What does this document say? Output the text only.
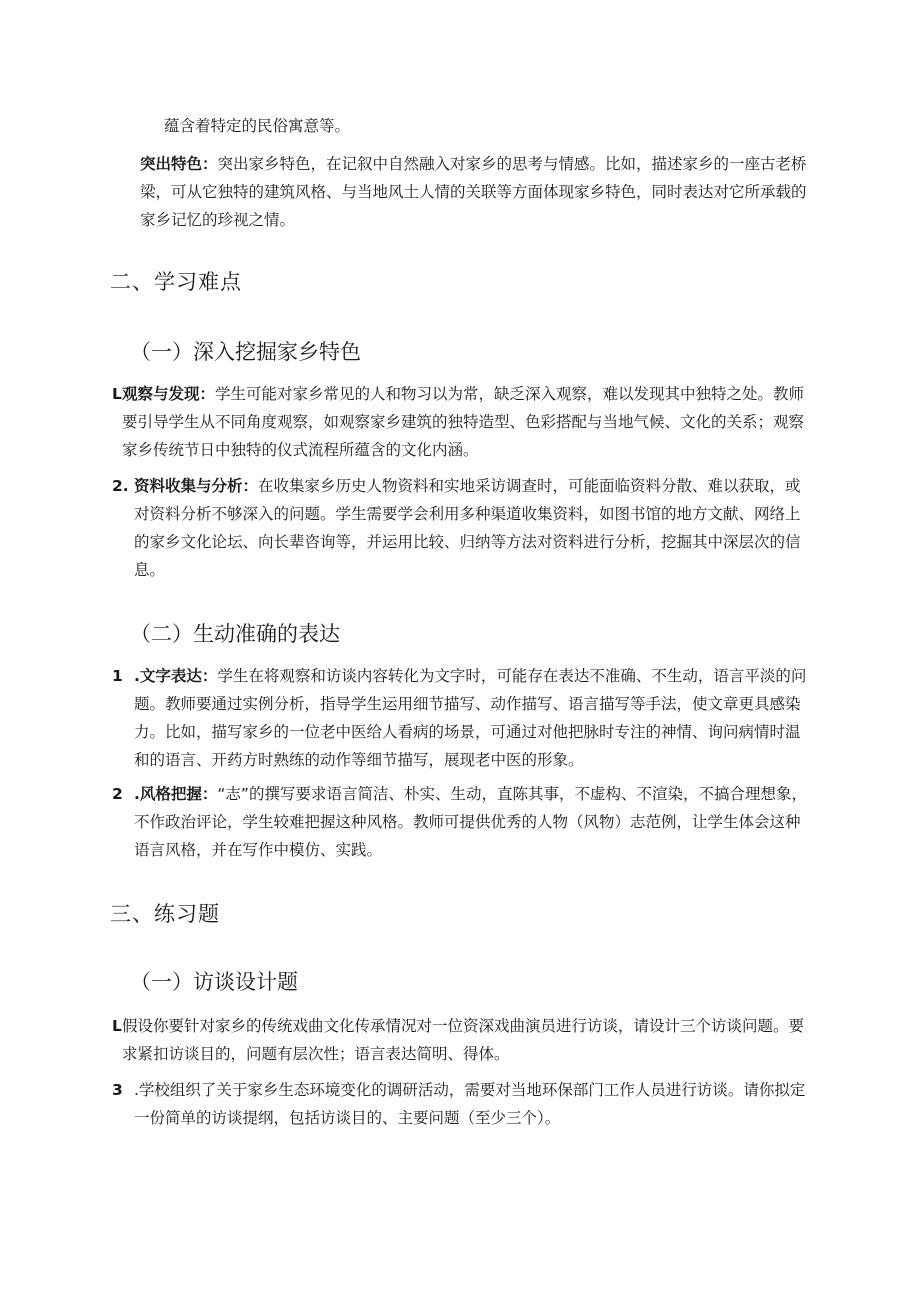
蕴含着特定的民俗寓意等。

突出特色：突出家乡特色，在记叙中自然融入对家乡的思考与情感。比如，描述家乡的一座古老桥梁，可从它独特的建筑风格、与当地风土人情的关联等方面体现家乡特色，同时表达对它所承载的家乡记忆的珍视之情。

二、学习难点
（一）深入挖掘家乡特色
L 观察与发现：学生可能对家乡常见的人和物习以为常，缺乏深入观察，难以发现其中独特之处。教师要引导学生从不同角度观察，如观察家乡建筑的独特造型、色彩搭配与当地气候、文化的关系；观察家乡传统节日中独特的仪式流程所蕴含的文化内涵。
2. 资料收集与分析：在收集家乡历史人物资料和实地采访调查时，可能面临资料分散、难以获取，或对资料分析不够深入的问题。学生需要学会利用多种渠道收集资料，如图书馆的地方文献、网络上的家乡文化论坛、向长辈咨询等，并运用比较、归纳等方法对资料进行分析，挖掘其中深层次的信息。
（二）生动准确的表达
1 .文字表达：学生在将观察和访谈内容转化为文字时，可能存在表达不准确、不生动，语言平淡的问题。教师要通过实例分析，指导学生运用细节描写、动作描写、语言描写等手法，使文章更具感染力。比如，描写家乡的一位老中医给人看病的场景，可通过对他把脉时专注的神情、询问病情时温和的语言、开药方时熟练的动作等细节描写，展现老中医的形象。
2 .风格把握：“志”的撰写要求语言简洁、朴实、生动，直陈其事，不虚构、不渲染，不搞合理想象，不作政治评论，学生较难把握这种风格。教师可提供优秀的人物（风物）志范例，让学生体会这种语言风格，并在写作中模仿、实践。
三、练习题
（一）访谈设计题
L 假设你要针对家乡的传统戏曲文化传承情况对一位资深戏曲演员进行访谈，请设计三个访谈问题。要求紧扣访谈目的，问题有层次性；语言表达简明、得体。
3 .学校组织了关于家乡生态环境变化的调研活动，需要对当地环保部门工作人员进行访谈。请你拟定一份简单的访谈提纲，包括访谈目的、主要问题（至少三个）。
